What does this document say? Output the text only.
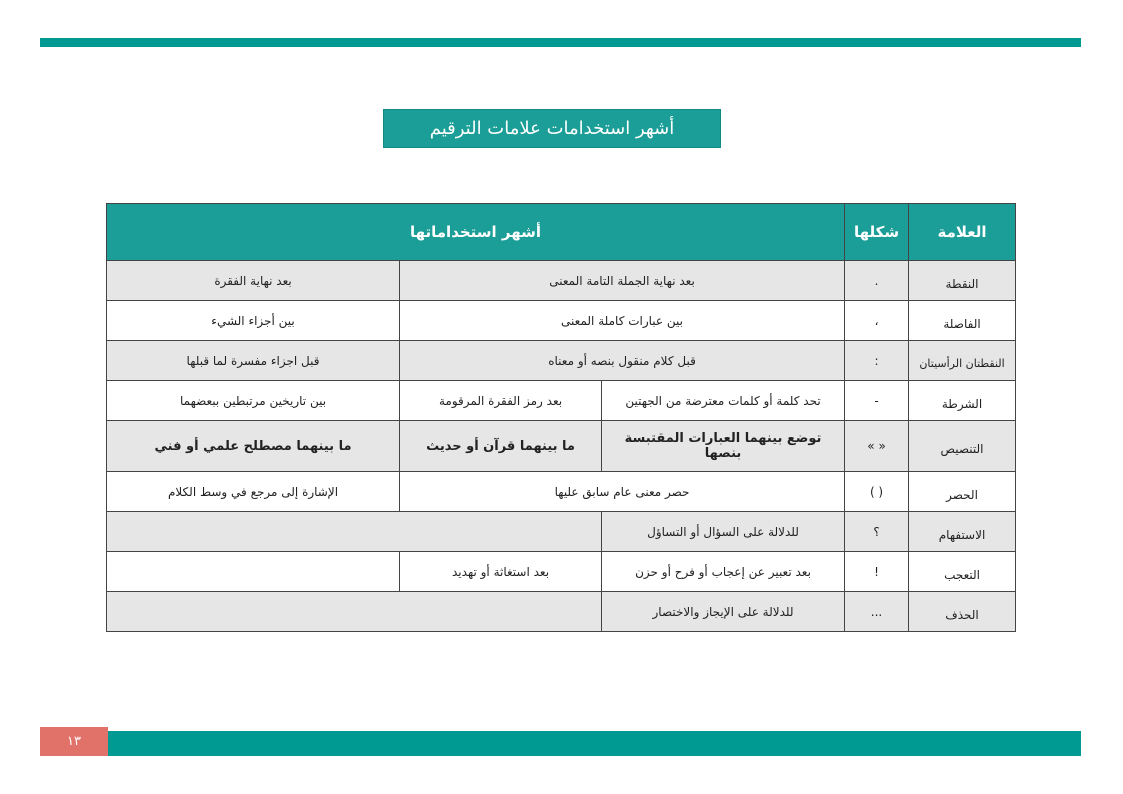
أشهر استخدامات علامات الترقيم
العلامة	شكلها	أشهر استخداماتها		
النقطة	.	بعد نهاية الجملة التامة المعنى		بعد نهاية الفقرة
الفاصلة	،	بين عبارات كاملة المعنى		بين أجزاء الشيء
النقطتان الرأسيتان	:	قبل كلام منقول بنصه أو معناه		قبل اجزاء مفسرة لما قبلها
الشرطة	-	تحد كلمة أو كلمات معترضة من الجهتين	بعد رمز الفقرة المرقومة	بين تاريخين مرتبطين ببعضهما
التنصيص	« »	توضع بينهما العبارات المقتبسة بنصها	ما بينهما قرآن أو حديث	ما بينهما مصطلح علمي أو فني
الحصر	( )	حصر معنى عام سابق عليها		الإشارة إلى مرجع في وسط الكلام
الاستفهام	؟	للدلالة على السؤال أو التساؤل		
التعجب	!	بعد تعبير عن إعجاب أو فرح أو حزن	بعد استغاثة أو تهديد	
الحذف	...	للدلالة على الإيجاز والاختصار		
١٣
